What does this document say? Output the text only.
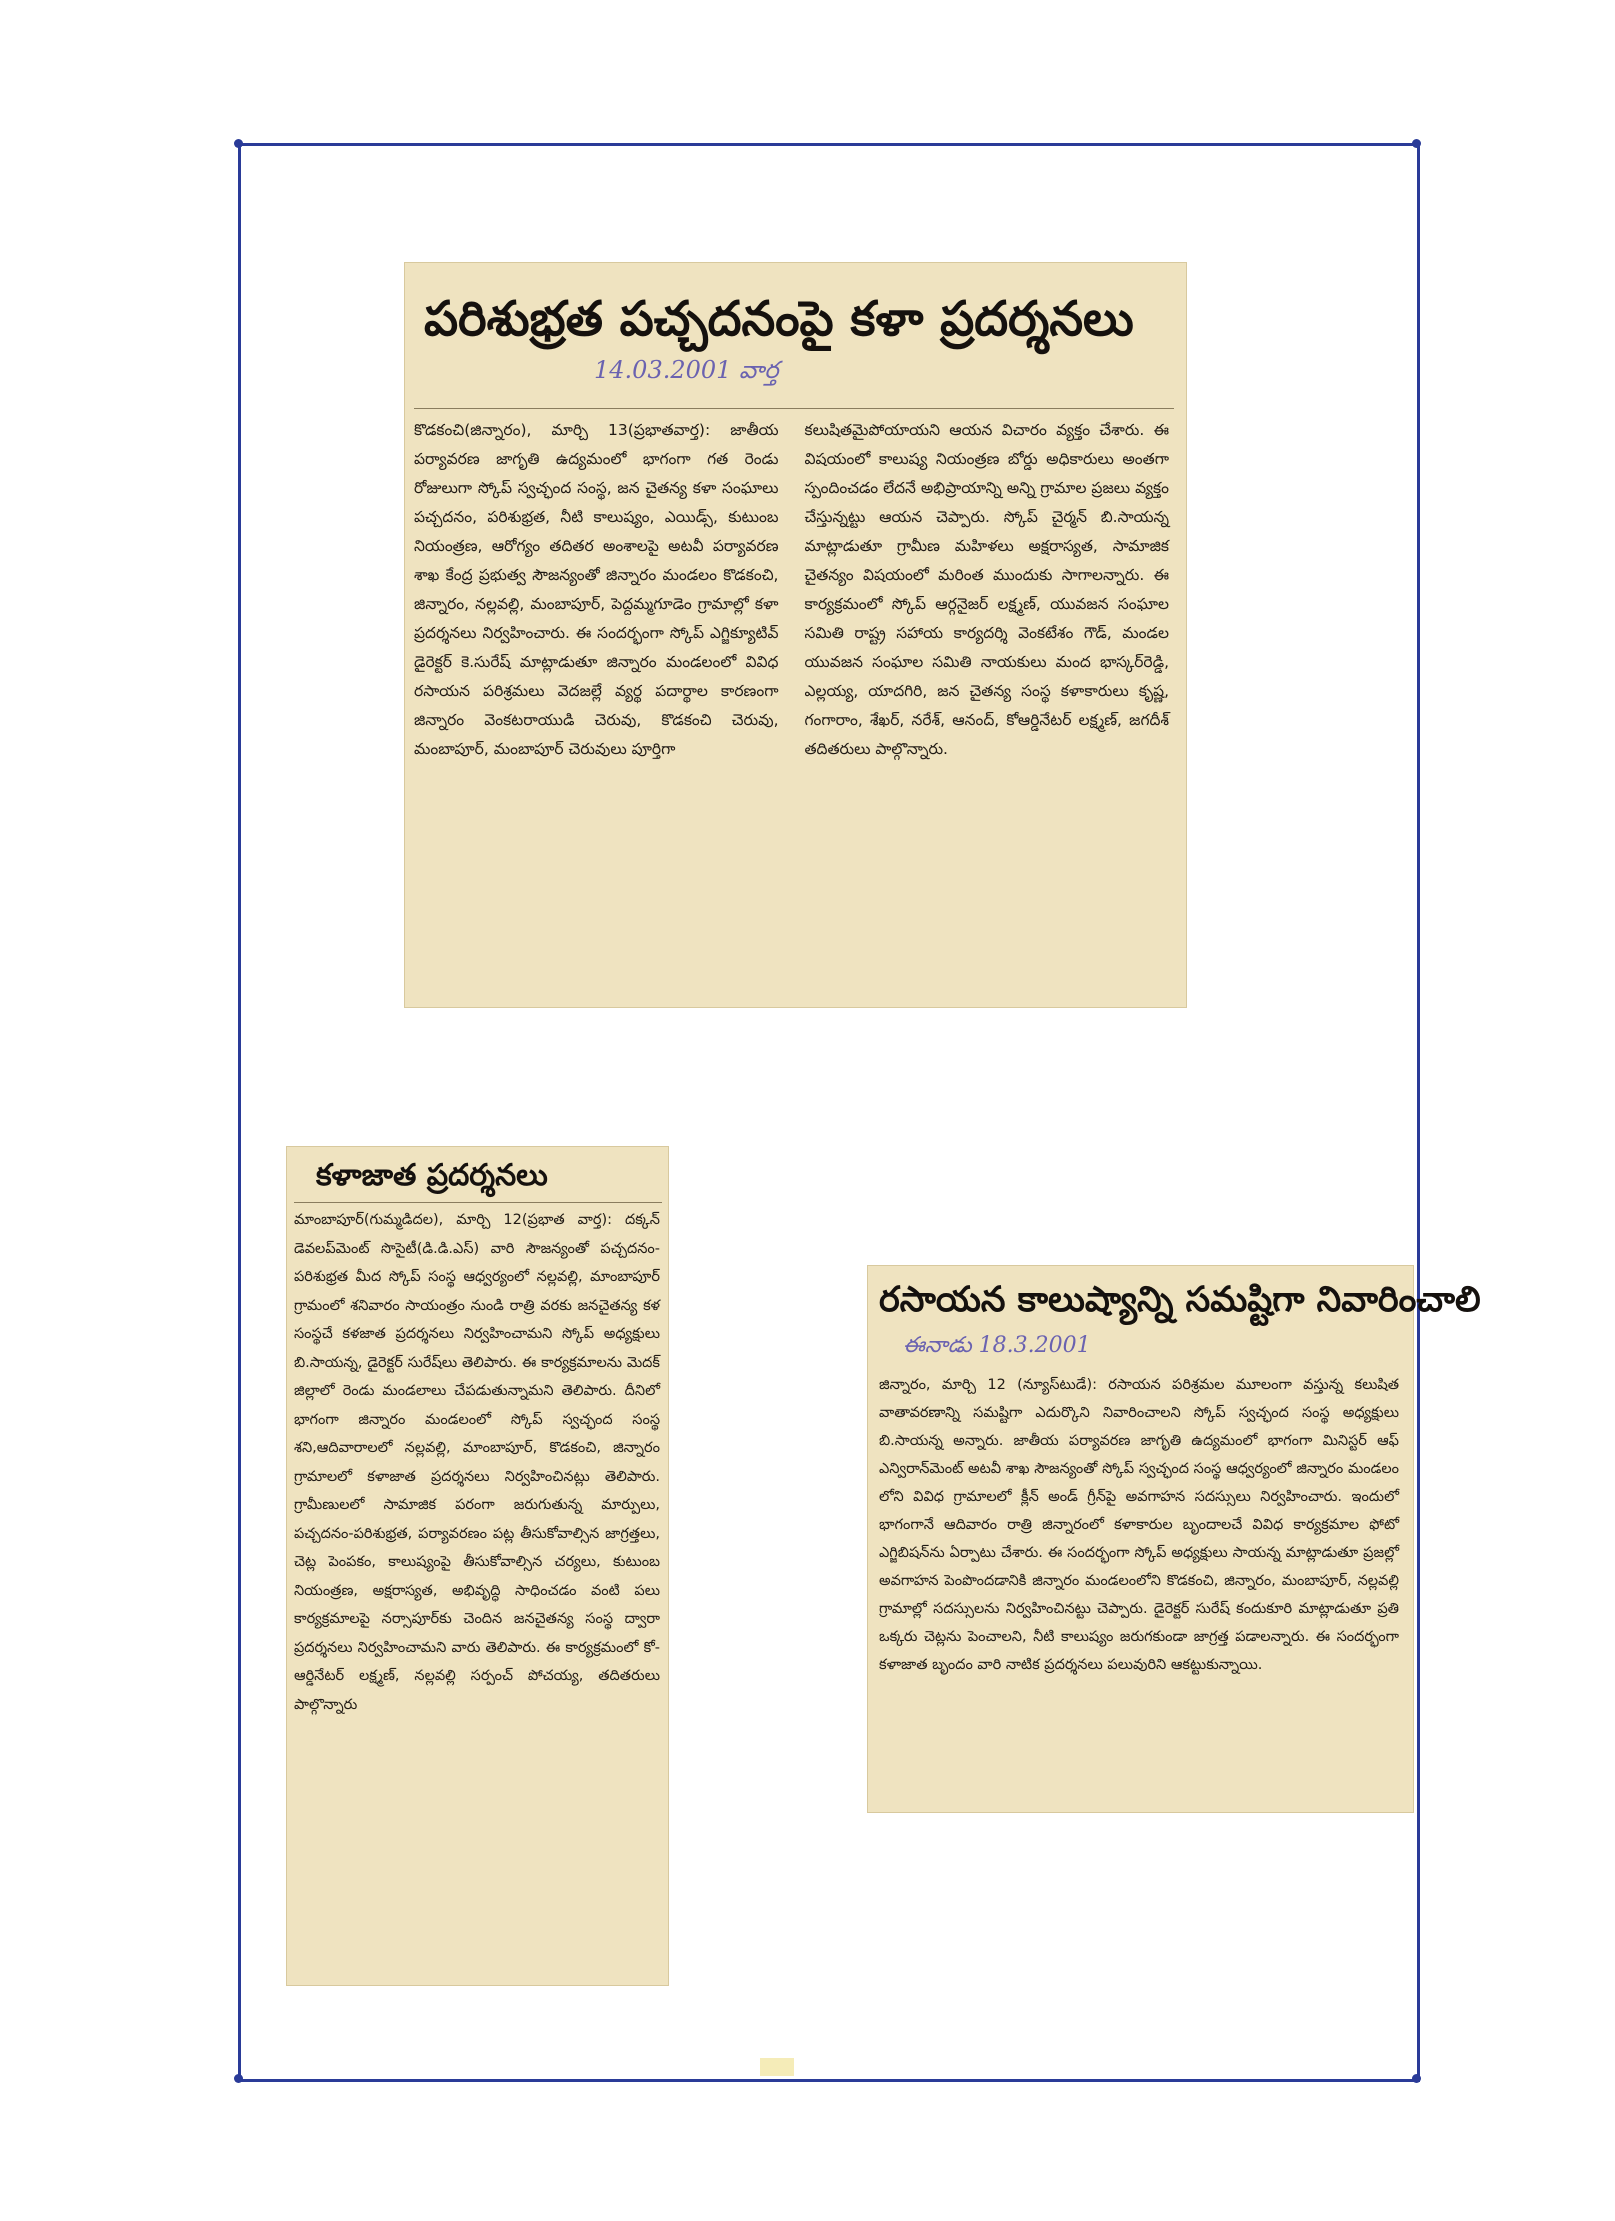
పరిశుభ్రత పచ్చదనంపై కళా ప్రదర్శనలు
14.03.2001 వార్త
కొడకంచి(జిన్నారం), మార్చి 13(ప్రభాతవార్త): జాతీయ పర్యావరణ జాగృతి ఉద్యమంలో భాగంగా గత రెండు రోజులుగా స్కోప్ స్వచ్ఛంద సంస్థ, జన చైతన్య కళా సంఘాలు పచ్చదనం, పరిశుభ్రత, నీటి కాలుష్యం, ఎయిడ్స్, కుటుంబ నియంత్రణ, ఆరోగ్యం తదితర అంశాలపై అటవీ పర్యావరణ శాఖ కేంద్ర ప్రభుత్వ సౌజన్యంతో జిన్నారం మండలం కొడకంచి, జిన్నారం, నల్లవల్లి, మంబాపూర్, పెద్దమ్మగూడెం గ్రామాల్లో కళా ప్రదర్శనలు నిర్వహించారు. ఈ సందర్భంగా స్కోప్ ఎగ్జిక్యూటివ్ డైరెక్టర్ కె.సురేష్ మాట్లాడుతూ జిన్నారం మండలంలో వివిధ రసాయన పరిశ్రమలు వెదజల్లే వ్యర్థ పదార్థాల కారణంగా జిన్నారం వెంకటరాయుడి చెరువు, కొడకంచి చెరువు, మంబాపూర్, మంబాపూర్ చెరువులు పూర్తిగా
కలుషితమైపోయాయని ఆయన విచారం వ్యక్తం చేశారు. ఈ విషయంలో కాలుష్య నియంత్రణ బోర్డు అధికారులు అంతగా స్పందించడం లేదనే అభిప్రాయాన్ని అన్ని గ్రామాల ప్రజలు వ్యక్తం చేస్తున్నట్టు ఆయన చెప్పారు. స్కోప్ చైర్మన్ బి.సాయన్న మాట్లాడుతూ గ్రామీణ మహిళలు అక్షరాస్యత, సామాజిక చైతన్యం విషయంలో మరింత ముందుకు సాగాలన్నారు. ఈ కార్యక్రమంలో స్కోప్ ఆర్గనైజర్ లక్ష్మణ్, యువజన సంఘాల సమితి రాష్ట్ర సహాయ కార్యదర్శి వెంకటేశం గౌడ్, మండల యువజన సంఘాల సమితి నాయకులు మంద భాస్కర్‌రెడ్డి, ఎల్లయ్య, యాదగిరి, జన చైతన్య సంస్థ కళాకారులు కృష్ణ, గంగారాం, శేఖర్, నరేశ్, ఆనంద్, కోఆర్డినేటర్ లక్ష్మణ్, జగదీశ్ తదితరులు పాల్గొన్నారు.
కళాజాత ప్రదర్శనలు
మాంబాపూర్(గుమ్మడిదల), మార్చి 12(ప్రభాత వార్త): దక్కన్ డెవలప్‌మెంట్ సొసైటీ(డి.డి.ఎస్) వారి సౌజన్యంతో పచ్చదనం-పరిశుభ్రత మీద స్కోప్ సంస్థ ఆధ్వర్యంలో నల్లవల్లి, మాంబాపూర్ గ్రామంలో శనివారం సాయంత్రం నుండి రాత్రి వరకు జనచైతన్య కళ సంస్థచే కళజాత ప్రదర్శనలు నిర్వహించామని స్కోప్ అధ్యక్షులు బి.సాయన్న, డైరెక్టర్ సురేష్‌లు తెలిపారు. ఈ కార్యక్రమాలను మెదక్ జిల్లాలో రెండు మండలాలు చేపడుతున్నామని తెలిపారు. దీనిలో భాగంగా జిన్నారం మండలంలో స్కోప్ స్వచ్ఛంద సంస్థ శని,ఆదివారాలలో నల్లవల్లి, మాంబాపూర్, కొడకంచి, జిన్నారం గ్రామాలలో కళాజాత ప్రదర్శనలు నిర్వహించినట్లు తెలిపారు. గ్రామీణులలో సామాజిక పరంగా జరుగుతున్న మార్పులు, పచ్చదనం-పరిశుభ్రత, పర్యావరణం పట్ల తీసుకోవాల్సిన జాగ్రత్తలు, చెట్ల పెంపకం, కాలుష్యంపై తీసుకోవాల్సిన చర్యలు, కుటుంబ నియంత్రణ, అక్షరాస్యత, అభివృద్ధి సాధించడం వంటి పలు కార్యక్రమాలపై నర్సాపూర్‌కు చెందిన జనచైతన్య సంస్థ ద్వారా ప్రదర్శనలు నిర్వహించామని వారు తెలిపారు. ఈ కార్యక్రమంలో కో-ఆర్డినేటర్ లక్ష్మణ్, నల్లవల్లి సర్పంచ్ పోచయ్య, తదితరులు పాల్గొన్నారు
రసాయన కాలుష్యాన్ని సమష్టిగా నివారించాలి
ఈనాడు 18.3.2001
జిన్నారం, మార్చి 12 (న్యూస్‌టుడే): రసాయన పరిశ్రమల మూలంగా వస్తున్న కలుషిత వాతావరణాన్ని సమష్టిగా ఎదుర్కొని నివారించాలని స్కోప్ స్వచ్ఛంద సంస్థ అధ్యక్షులు బి.సాయన్న అన్నారు. జాతీయ పర్యావరణ జాగృతి ఉద్యమంలో భాగంగా మినిస్టర్ ఆఫ్ ఎన్విరాన్‌మెంట్ అటవీ శాఖ సౌజన్యంతో స్కోప్ స్వచ్ఛంద సంస్థ ఆధ్వర్యంలో జిన్నారం మండలం లోని వివిధ గ్రామాలలో క్లీన్ అండ్ గ్రీన్‌పై అవగాహన సదస్సులు నిర్వహించారు. ఇందులో భాగంగానే ఆదివారం రాత్రి జిన్నారంలో కళాకారుల బృందాలచే వివిధ కార్యక్రమాల ఫోటో ఎగ్జిబిషన్‌ను ఏర్పాటు చేశారు. ఈ సందర్భంగా స్కోప్ అధ్యక్షులు సాయన్న మాట్లాడుతూ ప్రజల్లో అవగాహన పెంపొందడానికి జిన్నారం మండలంలోని కొడకంచి, జిన్నారం, మంబాపూర్, నల్లవల్లి గ్రామాల్లో సదస్సులను నిర్వహించినట్టు చెప్పారు. డైరెక్టర్ సురేష్ కందుకూరి మాట్లాడుతూ ప్రతి ఒక్కరు చెట్లను పెంచాలని, నీటి కాలుష్యం జరుగకుండా జాగ్రత్త పడాలన్నారు. ఈ సందర్భంగా కళాజాత బృందం వారి నాటిక ప్రదర్శనలు పలువురిని ఆకట్టుకున్నాయి.
